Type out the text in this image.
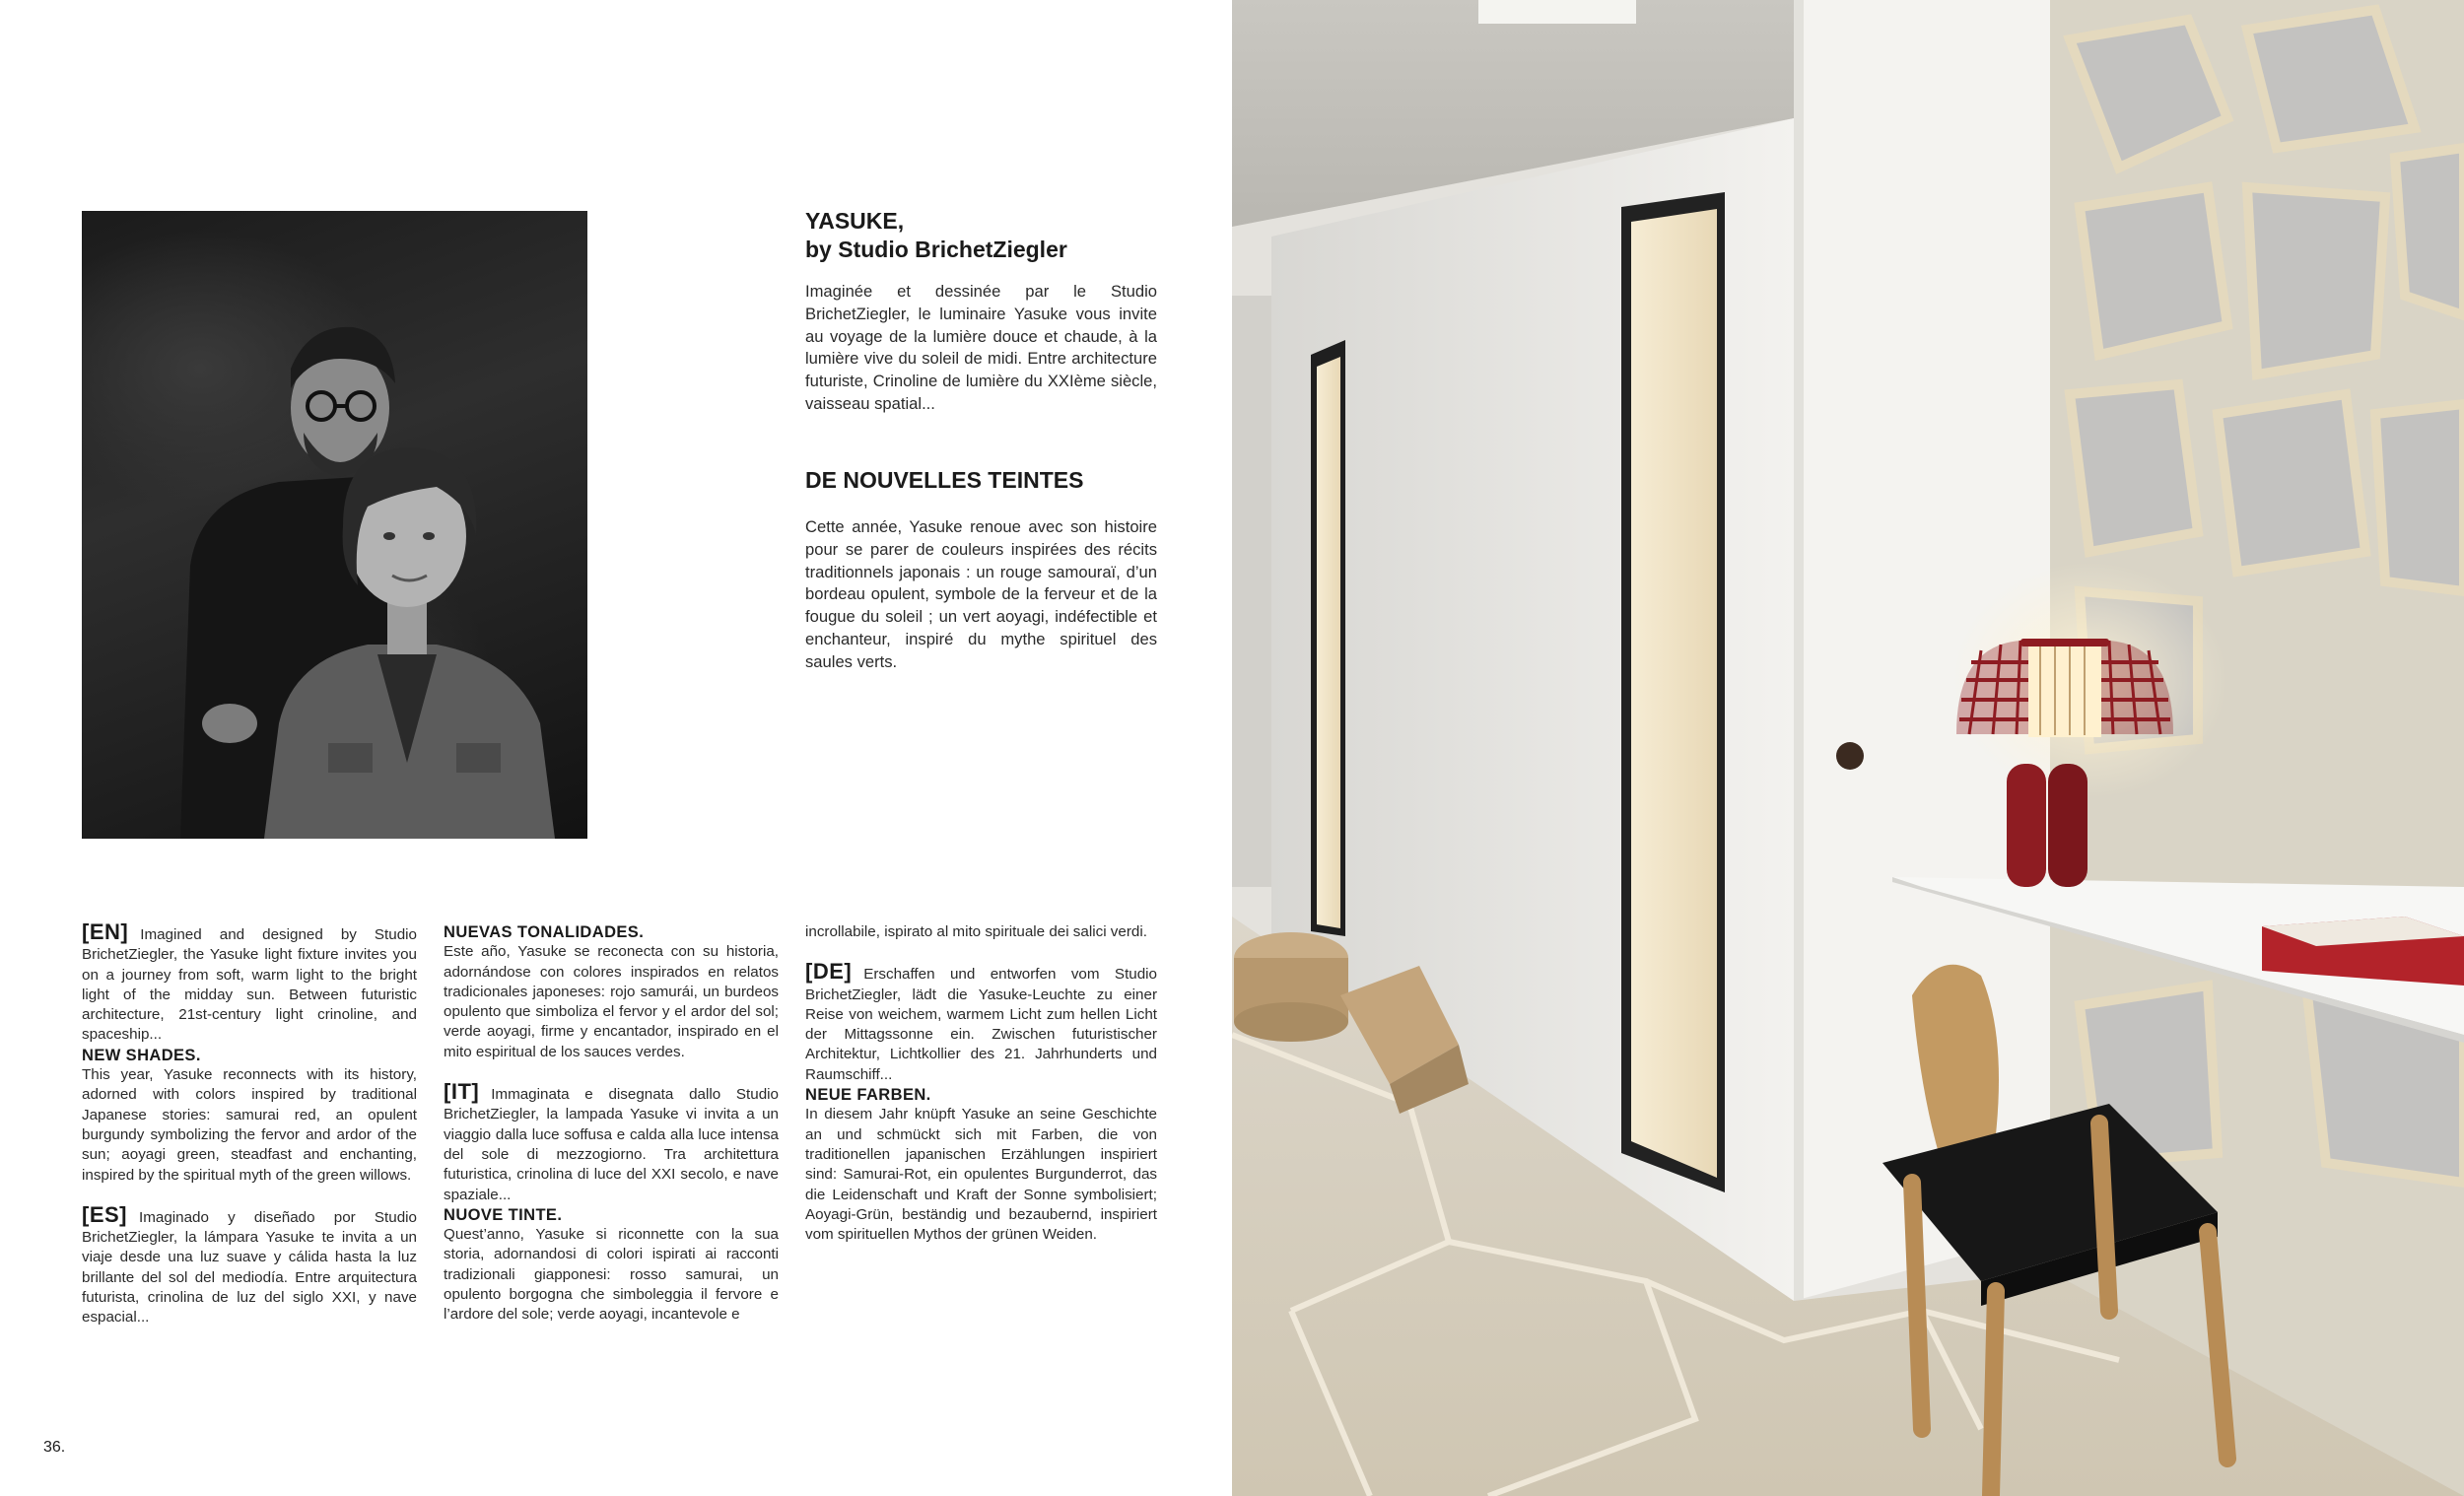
YASUKE,
by Studio BrichetZiegler
Imaginée et dessinée par le Studio BrichetZiegler, le luminaire Yasuke vous invite au voyage de la lumière douce et chaude, à la lumière vive du soleil de midi. Entre architecture futuriste, Crinoline de lumière du XXIème siècle, vaisseau spatial...
DE NOUVELLES TEINTES
Cette année, Yasuke renoue avec son histoire pour se parer de couleurs inspirées des récits traditionnels japonais : un rouge samouraï, d’un bordeau opulent, symbole de la ferveur et de la fougue du soleil ; un vert aoyagi, indéfectible et enchanteur, inspiré du mythe spirituel des saules verts.

[EN] Imagined and designed by Studio BrichetZiegler, the Yasuke light fixture invites you on a journey from soft, warm light to the bright light of the midday sun. Between futuristic architecture, 21st-century light crinoline, and spaceship...

NEW SHADES.

This year, Yasuke reconnects with its history, adorned with colors inspired by traditional Japanese stories: samurai red, an opulent burgundy symbolizing the fervor and ardor of the sun; aoyagi green, steadfast and enchanting, inspired by the spiritual myth of the green willows.

[ES] Imaginado y diseñado por Studio BrichetZiegler, la lámpara Yasuke te invita a un viaje desde una luz suave y cálida hasta la luz brillante del sol del mediodía. Entre arquitectura futurista, crinolina de luz del siglo XXI, y nave espacial...

NUEVAS TONALIDADES.

Este año, Yasuke se reconecta con su historia, adornándose con colores inspirados en relatos tradicionales japoneses: rojo samurái, un burdeos opulento que simboliza el fervor y el ardor del sol; verde aoyagi, firme y encantador, inspirado en el mito espiritual de los sauces verdes.

[IT] Immaginata e disegnata dallo Studio BrichetZiegler, la lampada Yasuke vi invita a un viaggio dalla luce soffusa e calda alla luce intensa del sole di mezzogiorno. Tra architettura futuristica, crinolina di luce del XXI secolo, e nave spaziale...

NUOVE TINTE.

Quest’anno, Yasuke si riconnette con la sua storia, adornandosi di colori ispirati ai racconti tradizionali giapponesi: rosso samurai, un opulento borgogna che simboleggia il fervore e l’ardore del sole; verde aoyagi, incantevole e

incrollabile, ispirato al mito spirituale dei salici verdi.

[DE] Erschaffen und entworfen vom Studio BrichetZiegler, lädt die Yasuke-Leuchte zu einer Reise von weichem, warmem Licht zum hellen Licht der Mittagssonne ein. Zwischen futuristischer Architektur, Lichtkollier des 21. Jahrhunderts und Raumschiff...

NEUE FARBEN.

In diesem Jahr knüpft Yasuke an seine Geschichte an und schmückt sich mit Farben, die von traditionellen japanischen Erzählungen inspiriert sind: Samurai-Rot, ein opulentes Burgunderrot, das die Leidenschaft und Kraft der Sonne symbolisiert; Aoyagi-Grün, beständig und bezaubernd, inspiriert vom spirituellen Mythos der grünen Weiden.

36.
